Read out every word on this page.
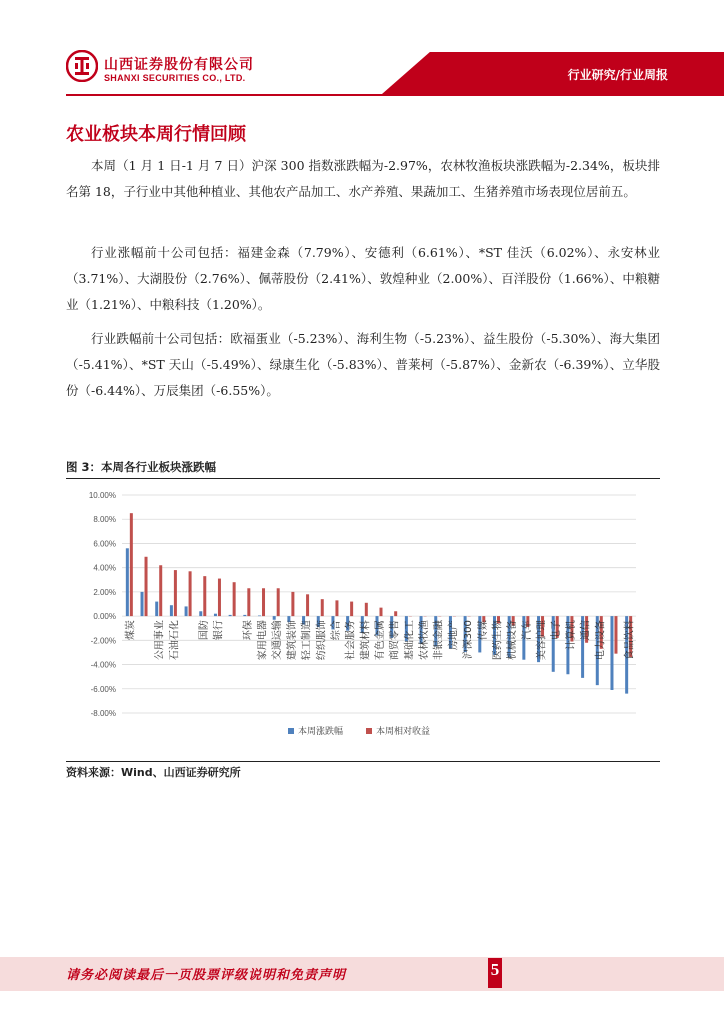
山西证券股份有限公司
SHANXI SECURITIES CO., LTD.	行业研究/行业周报
农业板块本周行情回顾

本周（1 月 1 日-1 月 7 日）沪深 300 指数涨跌幅为-2.97%，农林牧渔板块涨跌幅为-2.34%，板块排名第 18，子行业中其他种植业、其他农产品加工、水产养殖、果蔬加工、生猪养殖市场表现位居前五。

行业涨幅前十公司包括：福建金森（7.79%）、安德利（6.61%）、*ST 佳沃（6.02%）、永安林业（3.71%）、大湖股份（2.76%）、佩蒂股份（2.41%）、敦煌种业（2.00%）、百洋股份（1.66%）、中粮糖业（1.21%）、中粮科技（1.20%）。

行业跌幅前十公司包括：欧福蛋业（-5.23%）、海利生物（-5.23%）、益生股份（-5.30%）、海大集团（-5.41%）、*ST 天山（-5.49%）、绿康生化（-5.83%）、普莱柯（-5.87%）、金新农（-6.39%）、立华股份（-6.44%）、万辰集团（-6.55%）。

图 3：本周各行业板块涨跌幅
10.00%
8.00%
6.00%
4.00%
2.00%
0.00%
-2.00%
-4.00%
-6.00%
-8.00%
煤炭 公用事业 石油石化 国防 银行 环保 家用电器 交通运输 建筑装饰 轻工制造 纺织服饰 综合 社会服务 建筑材料 有色金属 商贸零售 基础化工 农林牧渔 非银金融 房地产 沪深300 传媒 医药生物 机械设备 汽车 美容护理 电子 计算机 通信 电力设备 食品饮料
本周涨跌幅	本周相对收益
资料来源：Wind、山西证券研究所
请务必阅读最后一页股票评级说明和免责声明	5
